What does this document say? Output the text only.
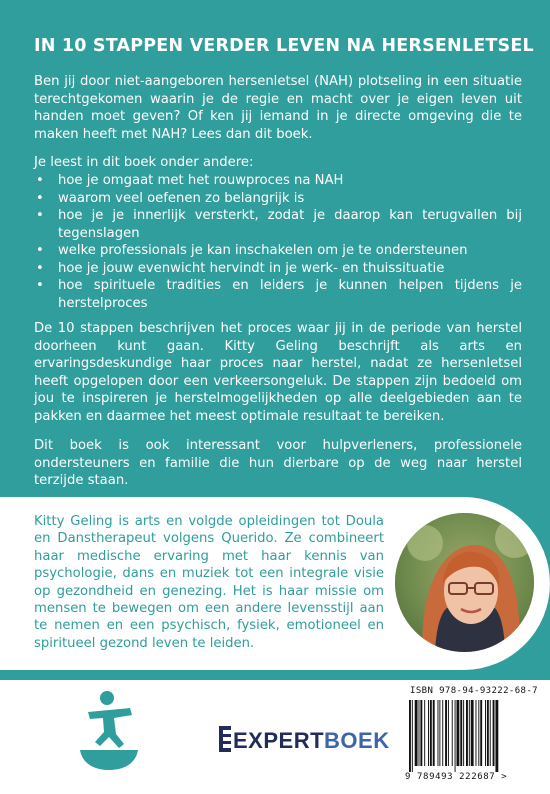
IN 10 STAPPEN VERDER LEVEN NA HERSENLETSEL
Ben jij door niet-aangeboren hersenletsel (NAH) plotseling in een situatie terechtgekomen waarin je de regie en macht over je eigen leven uit handen moet geven? Of ken jij iemand in je directe omgeving die te maken heeft met NAH? Lees dan dit boek.
Je leest in dit boek onder andere:
• hoe je omgaat met het rouwproces na NAH
• waarom veel oefenen zo belangrijk is
• hoe je je innerlijk versterkt, zodat je daarop kan terugvallen bij tegenslagen
• welke professionals je kan inschakelen om je te ondersteunen
• hoe je jouw evenwicht hervindt in je werk- en thuissituatie
• hoe spirituele tradities en leiders je kunnen helpen tijdens je herstelproces
De 10 stappen beschrijven het proces waar jij in de periode van herstel doorheen kunt gaan. Kitty Geling beschrijft als arts en ervaringsdeskundige haar proces naar herstel, nadat ze hersenletsel heeft opgelopen door een verkeersongeluk. De stappen zijn bedoeld om jou te inspireren je herstelmogelijkheden op alle deelgebieden aan te pakken en daarmee het meest optimale resultaat te bereiken.
Dit boek is ook interessant voor hulpverleners, professionele ondersteuners en familie die hun dierbare op de weg naar herstel terzijde staan.
Kitty Geling is arts en volgde opleidingen tot Doula en Danstherapeut volgens Querido. Ze combineert haar medische ervaring met haar kennis van psychologie, dans en muziek tot een integrale visie op gezondheid en genezing. Het is haar missie om mensen te bewegen om een andere levensstijl aan te nemen en een psychisch, fysiek, emotioneel en spiritueel gezond leven te leiden.
EXPERTBOEK
ISBN 978-94-93222-68-7
9 789493 222687 >
